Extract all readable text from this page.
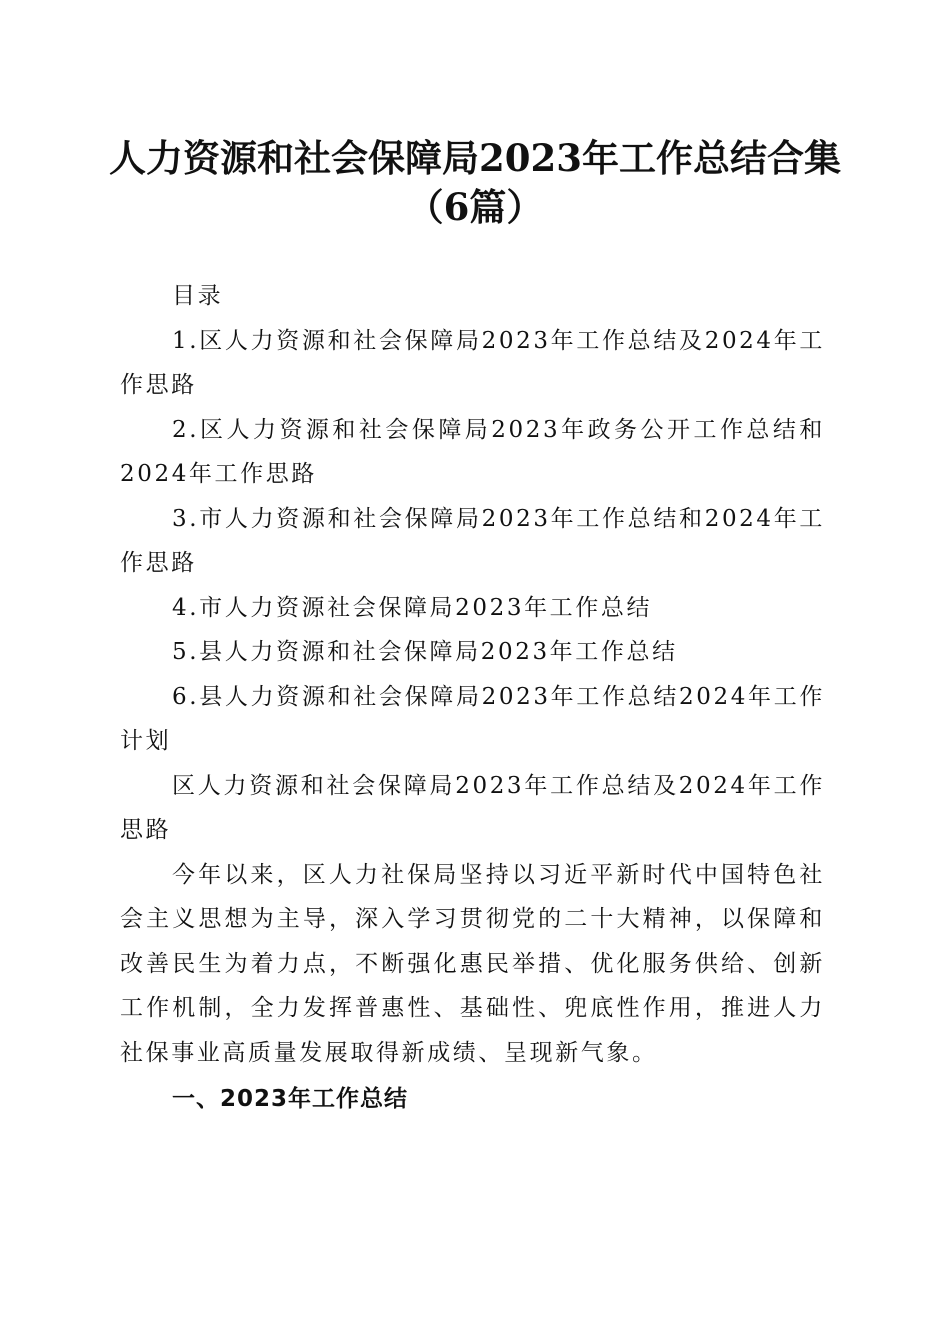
人力资源和社会保障局2023年工作总结合集
（6篇）

目录

1.区人力资源和社会保障局2023年工作总结及2024年工作思路

2.区人力资源和社会保障局2023年政务公开工作总结和2024年工作思路

3.市人力资源和社会保障局2023年工作总结和2024年工作思路

4.市人力资源社会保障局2023年工作总结

5.县人力资源和社会保障局2023年工作总结

6.县人力资源和社会保障局2023年工作总结2024年工作计划

区人力资源和社会保障局2023年工作总结及2024年工作思路

今年以来，区人力社保局坚持以习近平新时代中国特色社会主义思想为主导，深入学习贯彻党的二十大精神，以保障和改善民生为着力点，不断强化惠民举措、优化服务供给、创新工作机制，全力发挥普惠性、基础性、兜底性作用，推进人力社保事业高质量发展取得新成绩、呈现新气象。

一、2023年工作总结
